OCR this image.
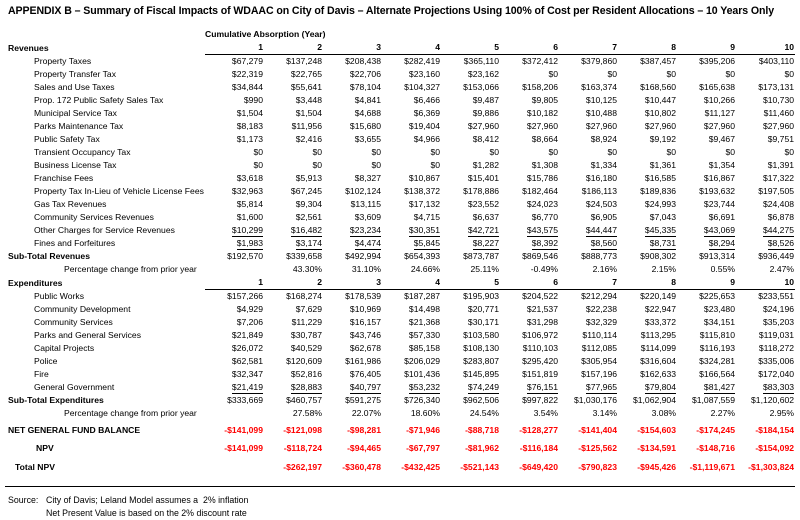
APPENDIX B – Summary of Fiscal Impacts of WDAAC on City of Davis – Alternate Projections Using 100% of Cost per Resident Allocations – 10 Years Only
	Cumulative Absorption (Year)									
Revenues	1	2	3	4	5	6	7	8	9	10
Property Taxes	$67,279	$137,248	$208,438	$282,419	$365,110	$372,412	$379,860	$387,457	$395,206	$403,110
Property Transfer Tax	$22,319	$22,765	$22,706	$23,160	$23,162	$0	$0	$0	$0	$0
Sales and Use Taxes	$34,844	$55,641	$78,104	$104,327	$153,066	$158,206	$163,374	$168,560	$165,638	$173,131
Prop. 172 Public Safety Sales Tax	$990	$3,448	$4,841	$6,466	$9,487	$9,805	$10,125	$10,447	$10,266	$10,730
Municipal Service Tax	$1,504	$1,504	$4,688	$6,369	$9,886	$10,182	$10,488	$10,802	$11,127	$11,460
Parks Maintenance Tax	$8,183	$11,956	$15,680	$19,404	$27,960	$27,960	$27,960	$27,960	$27,960	$27,960
Public Safety Tax	$1,173	$2,416	$3,655	$4,966	$8,412	$8,664	$8,924	$9,192	$9,467	$9,751
Transient Occupancy Tax	$0	$0	$0	$0	$0	$0	$0	$0	$0	$0
Business License Tax	$0	$0	$0	$0	$1,282	$1,308	$1,334	$1,361	$1,354	$1,391
Franchise Fees	$3,618	$5,913	$8,327	$10,867	$15,401	$15,786	$16,180	$16,585	$16,867	$17,322
Property Tax In-Lieu of Vehicle License Fees	$32,963	$67,245	$102,124	$138,372	$178,886	$182,464	$186,113	$189,836	$193,632	$197,505
Gas Tax Revenues	$5,814	$9,304	$13,115	$17,132	$23,552	$24,023	$24,503	$24,993	$23,744	$24,408
Community Services Revenues	$1,600	$2,561	$3,609	$4,715	$6,637	$6,770	$6,905	$7,043	$6,691	$6,878
Other Charges for Service Revenues	$10,299	$16,482	$23,234	$30,351	$42,721	$43,575	$44,447	$45,335	$43,069	$44,275
Fines and Forfeitures	$1,983	$3,174	$4,474	$5,845	$8,227	$8,392	$8,560	$8,731	$8,294	$8,526
Sub-Total Revenues	$192,570	$339,658	$492,994	$654,393	$873,787	$869,546	$888,773	$908,302	$913,314	$936,449
Percentage change from prior year		43.30%	31.10%	24.66%	25.11%	-0.49%	2.16%	2.15%	0.55%	2.47%
Expenditures	1	2	3	4	5	6	7	8	9	10
Public Works	$157,266	$168,274	$178,539	$187,287	$195,903	$204,522	$212,294	$220,149	$225,653	$233,551
Community Development	$4,929	$7,629	$10,969	$14,498	$20,771	$21,537	$22,238	$22,947	$23,480	$24,196
Community Services	$7,206	$11,229	$16,157	$21,368	$30,171	$31,298	$32,329	$33,372	$34,151	$35,203
Parks and General Services	$21,849	$30,787	$43,746	$57,330	$103,580	$106,972	$110,114	$113,295	$115,810	$119,031
Capital Projects	$26,072	$40,529	$62,678	$85,158	$108,130	$110,103	$112,085	$114,099	$116,193	$118,272
Police	$62,581	$120,609	$161,986	$206,029	$283,807	$295,420	$305,954	$316,604	$324,281	$335,006
Fire	$32,347	$52,816	$76,405	$101,436	$145,895	$151,819	$157,196	$162,633	$166,564	$172,040
General Government	$21,419	$28,883	$40,797	$53,232	$74,249	$76,151	$77,965	$79,804	$81,427	$83,303
Sub-Total Expenditures	$333,669	$460,757	$591,275	$726,340	$962,506	$997,822	$1,030,176	$1,062,904	$1,087,559	$1,120,602
Percentage change from prior year		27.58%	22.07%	18.60%	24.54%	3.54%	3.14%	3.08%	2.27%	2.95%
NET GENERAL FUND BALANCE	-$141,099	-$121,098	-$98,281	-$71,946	-$88,718	-$128,277	-$141,404	-$154,603	-$174,245	-$184,154
NPV	-$141,099	-$118,724	-$94,465	-$67,797	-$81,962	-$116,184	-$125,562	-$134,591	-$148,716	-$154,092
Total NPV		-$262,197	-$360,478	-$432,425	-$521,143	-$649,420	-$790,823	-$945,426	-$1,119,671	-$1,303,824
Source: City of Davis; Leland Model assumes a  2% inflation
Net Present Value is based on the 2% discount rate
